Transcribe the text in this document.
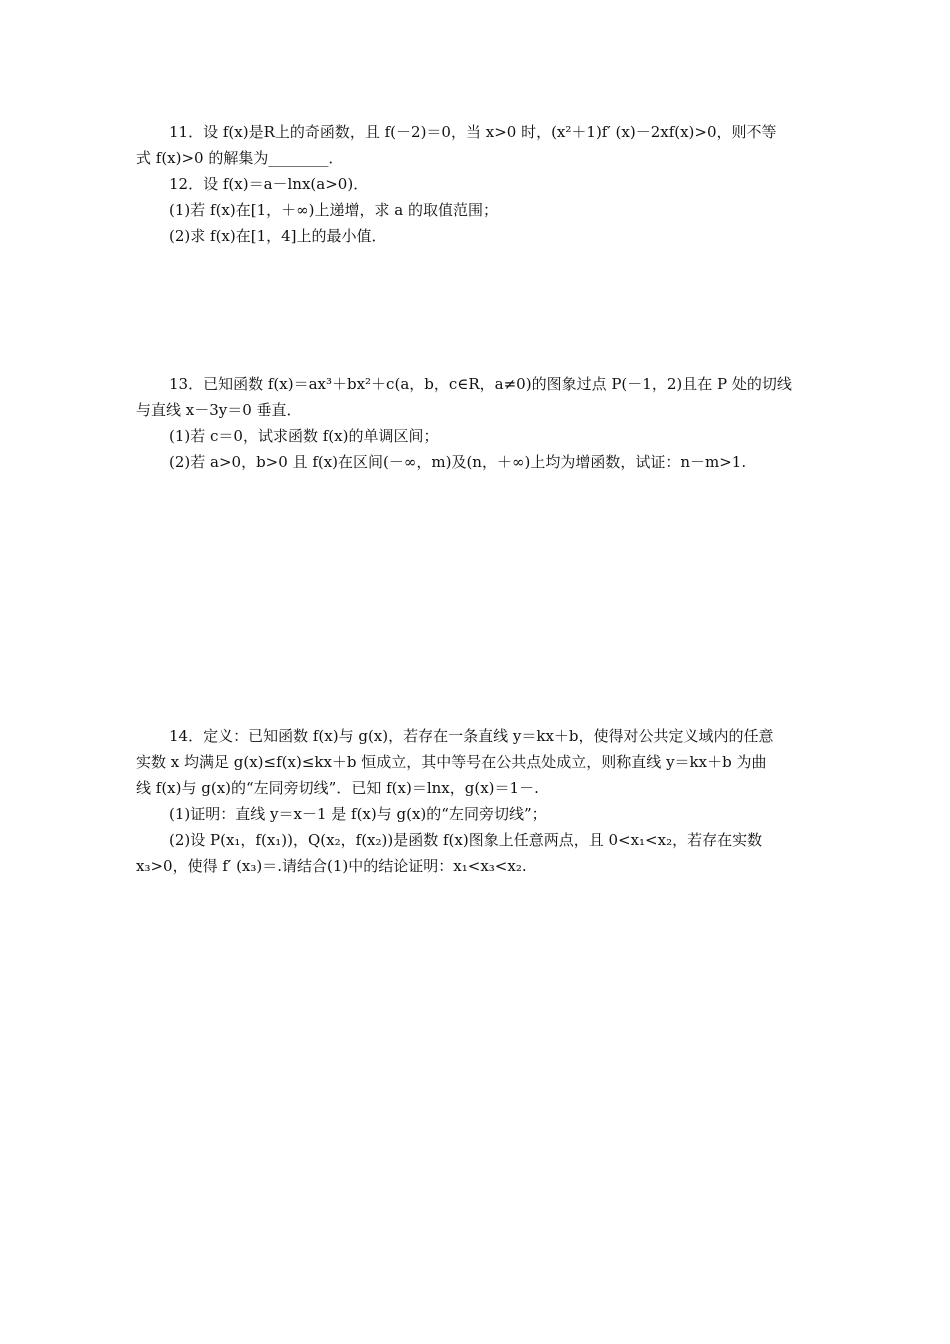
11．设 f(x)是R上的奇函数，且 f(－2)＝0，当 x>0 时，(x²＋1)f′ (x)－2xf(x)>0，则不等
式 f(x)>0 的解集为________．
12．设 f(x)＝a－lnx(a>0)．
(1)若 f(x)在[1，＋∞)上递增，求 a 的取值范围；
(2)求 f(x)在[1，4]上的最小值．
13．已知函数 f(x)＝ax³＋bx²＋c(a，b，c∈R，a≠0)的图象过点 P(－1，2)且在 P 处的切线
与直线 x－3y＝0 垂直．
(1)若 c＝0，试求函数 f(x)的单调区间；
(2)若 a>0，b>0 且 f(x)在区间(－∞，m)及(n，＋∞)上均为增函数，试证：n－m>1.
14．定义：已知函数 f(x)与 g(x)，若存在一条直线 y＝kx＋b，使得对公共定义域内的任意
实数 x 均满足 g(x)≤f(x)≤kx＋b 恒成立，其中等号在公共点处成立，则称直线 y＝kx＋b 为曲
线 f(x)与 g(x)的“左同旁切线”．已知 f(x)＝lnx，g(x)＝1－.
(1)证明：直线 y＝x－1 是 f(x)与 g(x)的“左同旁切线”；
(2)设 P(x₁，f(x₁))，Q(x₂，f(x₂))是函数 f(x)图象上任意两点，且 0<x₁<x₂，若存在实数
x₃>0，使得 f′ (x₃)＝.请结合(1)中的结论证明：x₁<x₃<x₂.
